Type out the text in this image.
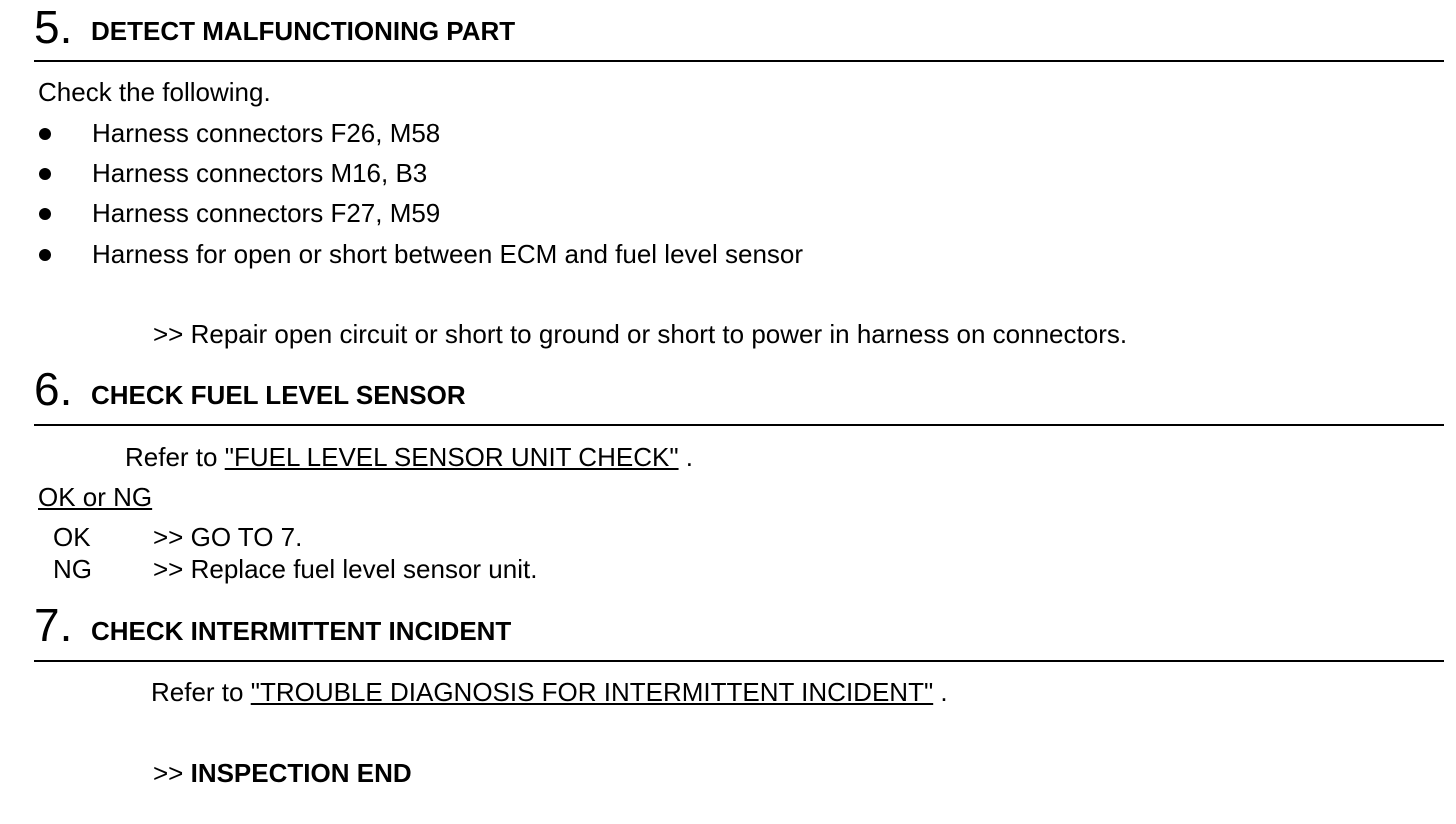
5. DETECT MALFUNCTIONING PART
Check the following.
Harness connectors F26, M58
Harness connectors M16, B3
Harness connectors F27, M59
Harness for open or short between ECM and fuel level sensor
>> Repair open circuit or short to ground or short to power in harness on connectors.
6. CHECK FUEL LEVEL SENSOR
Refer to "FUEL LEVEL SENSOR UNIT CHECK" .
OK or NG
OK >> GO TO 7.
NG >> Replace fuel level sensor unit.
7. CHECK INTERMITTENT INCIDENT
Refer to "TROUBLE DIAGNOSIS FOR INTERMITTENT INCIDENT" .
>> INSPECTION END
